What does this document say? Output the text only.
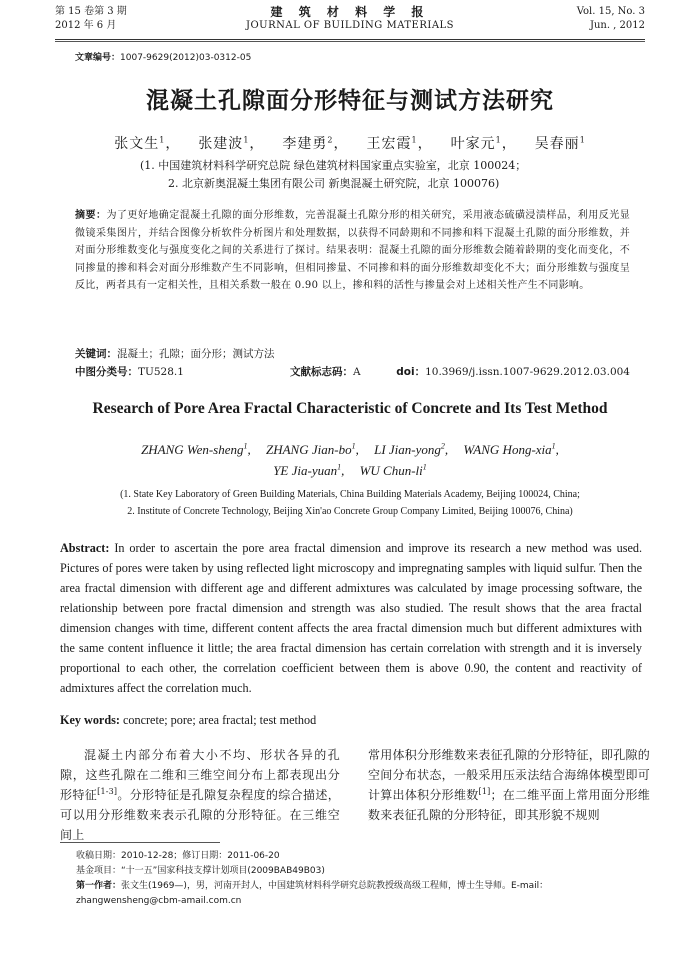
第 15 卷第 3 期
2012 年 6 月
建 筑 材 料 学 报
JOURNAL OF BUILDING MATERIALS
Vol. 15, No. 3
Jun. , 2012
文章编号：1007-9629(2012)03-0312-05
混凝土孔隙面分形特征与测试方法研究
张文生$^1$， 张建波$^1$， 李建勇$^2$， 王宏霞$^1$， 叶家元$^1$， 吴春丽$^1$
(1. 中国建筑材料科学研究总院 绿色建筑材料国家重点实验室，北京 100024；
2. 北京新奥混凝土集团有限公司 新奥混凝土研究院，北京 100076)
摘要：为了更好地确定混凝土孔隙的面分形维数，完善混凝土孔隙分形的相关研究，采用液态硫磺浸渍样品，利用反光显微镜采集图片，并结合图像分析软件分析图片和处理数据，以获得不同龄期和不同掺和料下混凝土孔隙的面分形维数，并对面分形维数变化与强度变化之间的关系进行了探讨。结果表明：混凝土孔隙的面分形维数会随着龄期的变化而变化，不同掺量的掺和料会对面分形维数产生不同影响，但相同掺量、不同掺和料的面分形维数却变化不大；面分形维数与强度呈反比，两者具有一定相关性，且相关系数一般在 0.90 以上，掺和料的活性与掺量会对上述相关性产生不同影响。
关键词：混凝土；孔隙；面分形；测试方法
中图分类号：TU528.1	文献标志码：A	doi：10.3969/j.issn.1007-9629.2012.03.004
Research of Pore Area Fractal Characteristic of Concrete and Its Test Method
ZHANG Wen-sheng$^1$, ZHANG Jian-$bo^1$, LI Jian-yong$^2$, WANG Hong-xia$^1$,
YE Jia-yuan$^1$, WU Chun-$li^1$
(1. State Key Laboratory of Green Building Materials, China Building Materials Academy, Beijing 100024, China;
2. Institute of Concrete Technology, Beijing Xin'ao Concrete Group Company Limited, Beijing 100076, China)
Abstract: In order to ascertain the pore area fractal dimension and improve its research a new method was used. Pictures of pores were taken by using reflected light microscopy and impregnating samples with liquid sulfur. Then the area fractal dimension with different age and different admixtures was calculated by image processing software, the relationship between pore fractal dimension and strength was also studied. The result shows that the area fractal dimension changes with time, different content affects the area fractal dimension much but different admixtures with the same content influence it little; the area fractal dimension has certain correlation with strength and it is inversely proportional to each other, the correlation coefficient between them is above 0.90, the content and reactivity of admixtures affect the correlation much.
Key words: concrete; pore; area fractal; test method
混凝土内部分布着大小不均、形状各异的孔隙，这些孔隙在二维和三维空间分布上都表现出分形特征[1-3]。分形特征是孔隙复杂程度的综合描述，可以用分形维数来表示孔隙的分形特征。在三维空间上
常用体积分形维数来表征孔隙的分形特征，即孔隙的空间分布状态，一般采用压汞法结合海绵体模型即可计算出体积分形维数[1]；在二维平面上常用面分形维数来表征孔隙的分形特征，即其形貌不规则
收稿日期：2010-12-28；修订日期：2011-06-20
基金项目：“十一五”国家科技支撑计划项目(2009BAB49B03)
第一作者：张文生(1969—)，男，河南开封人，中国建筑材料科学研究总院教授级高级工程师，博士生导师。E-mail：zhangwensheng@cbm-amail.com.cn
